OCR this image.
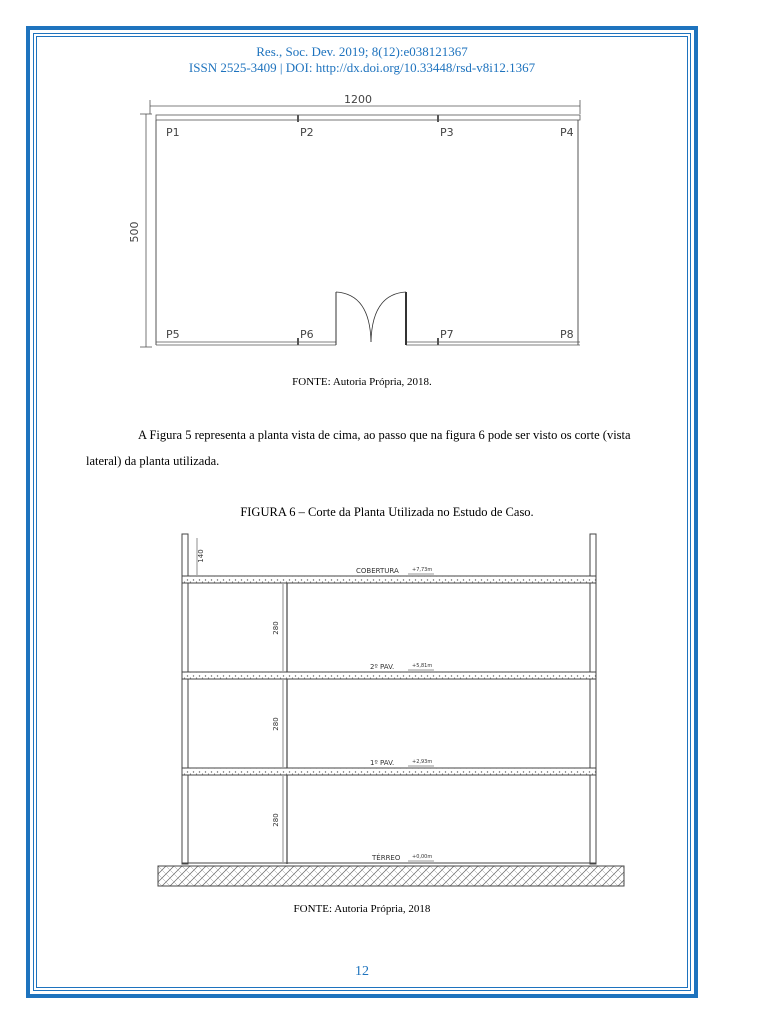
Res., Soc. Dev. 2019; 8(12):e038121367
ISSN 2525-3409 | DOI: http://dx.doi.org/10.33448/rsd-v8i12.1367
1200
500
P1	P2	P3	P4
P5	P6	P7	P8
FONTE: Autoria Própria, 2018.

A Figura 5 representa a planta vista de cima, ao passo que na figura 6 pode ser visto os corte (vista lateral) da planta utilizada.

FIGURA 6 – Corte da Planta Utilizada no Estudo de Caso.
140
280
280
280
COBERTURA	+7,73m
2º PAV.	+5,81m
1º PAV.	+2,93m
TÉRREO +0,00m
FONTE: Autoria Própria, 2018
12
